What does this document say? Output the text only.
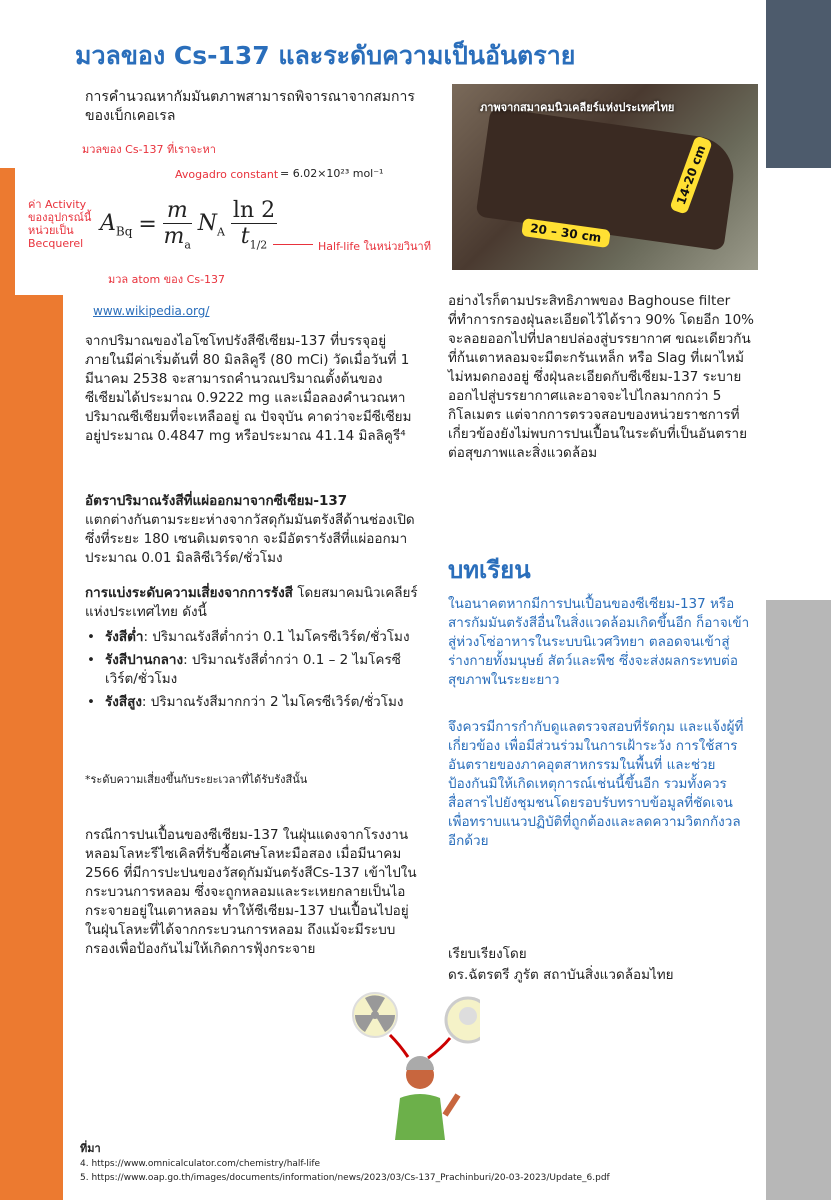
มวลของ Cs-137 และระดับความเป็นอันตราย

การคำนวณหากัมมันตภาพสามารถพิจารณาจากสมการของเบ็กเคอเรล

มวลของ Cs-137 ที่เราจะหา
Avogadro constant = 6.02×10²³ mol⁻¹
ค่า Activity ของอุปกรณ์นี้ หน่วยเป็น Becquerel
$A_{Bq} = \frac{m}{m_a} N_A$
ln 2
$t_{1/2}$	Half-life ในหน่วยวินาที
มวล atom ของ Cs-137
www.wikipedia.org/
ภาพจากสมาคมนิวเคลียร์แห่งประเทศไทย
20 – 30 cm
14-20 cm

จากปริมาณของไอโซโทปรังสีซีเซียม-137 ที่บรรจุอยู่ภายในมีค่าเริ่มต้นที่ 80 มิลลิคูรี (80 mCi) วัดเมื่อวันที่ 1 มีนาคม 2538 จะสามารถคำนวณปริมาณตั้งต้นของซีเซียมได้ประมาณ 0.9222 mg และเมื่อลองคำนวณหาปริมาณซีเซียมที่จะเหลืออยู่ ณ ปัจจุบัน คาดว่าจะมีซีเซียมอยู่ประมาณ 0.4847 mg หรือประมาณ 41.14 มิลลิคูรี⁴

อัตราปริมาณรังสีที่แผ่ออกมาจากซีเซียม-137
แตกต่างกันตามระยะห่างจากวัสดุกัมมันตรังสีด้านช่องเปิด ซึ่งที่ระยะ 180 เซนติเมตรจาก จะมีอัตรารังสีที่แผ่ออกมาประมาณ 0.01 มิลลิซีเวิร์ต/ชั่วโมง

การแบ่งระดับความเสี่ยงจากการรังสี โดยสมาคมนิวเคลียร์แห่งประเทศไทย ดังนี้

• รังสีต่ำ: ปริมาณรังสีต่ำกว่า 0.1 ไมโครซีเวิร์ต/ชั่วโมง
• รังสีปานกลาง: ปริมาณรังสีต่ำกว่า 0.1 – 2 ไมโครซีเวิร์ต/ชั่วโมง
• รังสีสูง: ปริมาณรังสีมากกว่า 2 ไมโครซีเวิร์ต/ชั่วโมง

*ระดับความเสี่ยงขึ้นกับระยะเวลาที่ได้รับรังสีนั้น

กรณีการปนเปื้อนของซีเซียม-137 ในฝุ่นแดงจากโรงงานหลอมโลหะรีไซเคิลที่รับซื้อเศษโลหะมือสอง เมื่อมีนาคม 2566 ที่มีการปะปนของวัสดุกัมมันตรังสีCs-137 เข้าไปในกระบวนการหลอม ซึ่งจะถูกหลอมและระเหยกลายเป็นไอกระจายอยู่ในเตาหลอม ทำให้ซีเซียม-137 ปนเปื้อนไปอยู่ในฝุ่นโลหะที่ได้จากกระบวนการหลอม ถึงแม้จะมีระบบกรองเพื่อป้องกันไม่ให้เกิดการฟุ้งกระจาย

อย่างไรก็ตามประสิทธิภาพของ Baghouse filter ที่ทำการกรองฝุ่นละเอียดไว้ได้ราว 90% โดยอีก 10% จะลอยออกไปที่ปลายปล่องสู่บรรยากาศ ขณะเดียวกันที่ก้นเตาหลอมจะมีตะกรันเหล็ก หรือ Slag ที่เผาไหม้ไม่หมดกองอยู่ ซึ่งฝุ่นละเอียดกับซีเซียม-137 ระบายออกไปสู่บรรยากาศและอาจจะไปไกลมากกว่า 5 กิโลเมตร แต่จากการตรวจสอบของหน่วยราชการที่เกี่ยวข้องยังไม่พบการปนเปื้อนในระดับที่เป็นอันตรายต่อสุขภาพและสิ่งแวดล้อม

บทเรียน

ในอนาคตหากมีการปนเปื้อนของซีเซียม-137 หรือสารกัมมันตรังสีอื่นในสิ่งแวดล้อมเกิดขึ้นอีก ก็อาจเข้าสู่ห่วงโซ่อาหารในระบบนิเวศวิทยา ตลอดจนเข้าสู่ร่างกายทั้งมนุษย์ สัตว์และพืช ซึ่งจะส่งผลกระทบต่อสุขภาพในระยะยาว

จึงควรมีการกำกับดูแลตรวจสอบที่รัดกุม และแจ้งผู้ที่เกี่ยวข้อง เพื่อมีส่วนร่วมในการเฝ้าระวัง การใช้สารอันตรายของภาคอุตสาหกรรมในพื้นที่ และช่วยป้องกันมิให้เกิดเหตุการณ์เช่นนี้ขึ้นอีก รวมทั้งควรสื่อสารไปยังชุมชนโดยรอบรับทราบข้อมูลที่ชัดเจน เพื่อทราบแนวปฏิบัติที่ถูกต้องและลดความวิตกกังวลอีกด้วย

เรียบเรียงโดย

ดร.ฉัตรตรี ภูรัต สถาบันสิ่งแวดล้อมไทย

ที่มา
4. https://www.omnicalculator.com/chemistry/half-life
5. https://www.oap.go.th/images/documents/information/news/2023/03/Cs-137_Prachinburi/20-03-2023/Update_6.pdf
